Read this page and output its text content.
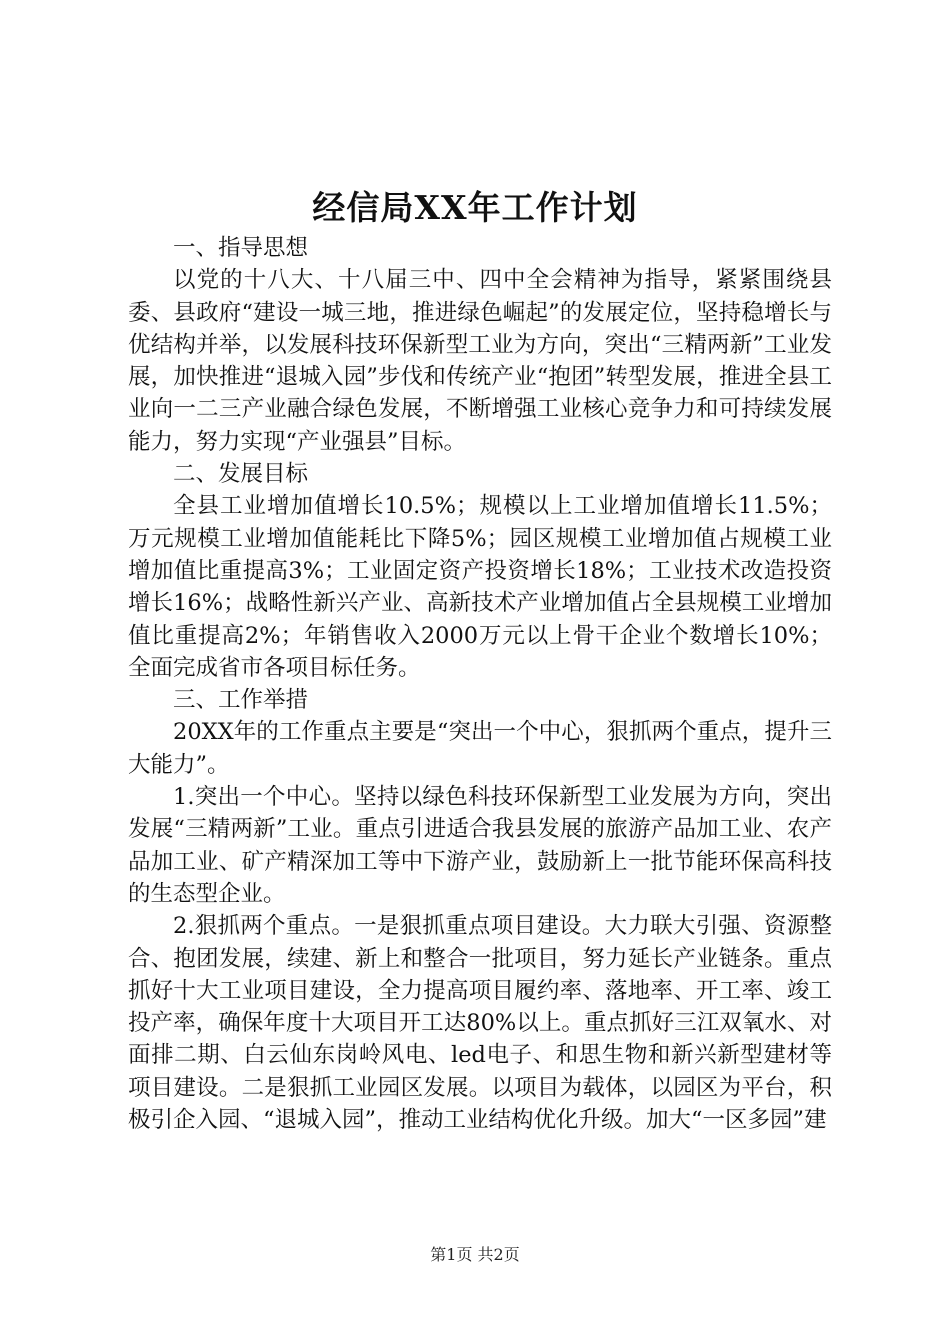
经信局XX年工作计划

一、指导思想

以党的十八大、十八届三中、四中全会精神为指导，紧紧围绕县委、县政府“建设一城三地，推进绿色崛起”的发展定位，坚持稳增长与优结构并举，以发展科技环保新型工业为方向，突出“三精两新”工业发展，加快推进“退城入园”步伐和传统产业“抱团”转型发展，推进全县工业向一二三产业融合绿色发展，不断增强工业核心竞争力和可持续发展能力，努力实现“产业强县”目标。

二、发展目标

全县工业增加值增长10.5%；规模以上工业增加值增长11.5%；万元规模工业增加值能耗比下降5%；园区规模工业增加值占规模工业增加值比重提高3%；工业固定资产投资增长18%；工业技术改造投资增长16%；战略性新兴产业、高新技术产业增加值占全县规模工业增加值比重提高2%；年销售收入2000万元以上骨干企业个数增长10%；全面完成省市各项目标任务。

三、工作举措

20XX年的工作重点主要是“突出一个中心，狠抓两个重点，提升三大能力”。

1.突出一个中心。坚持以绿色科技环保新型工业发展为方向，突出发展“三精两新”工业。重点引进适合我县发展的旅游产品加工业、农产品加工业、矿产精深加工等中下游产业，鼓励新上一批节能环保高科技的生态型企业。

2.狠抓两个重点。一是狠抓重点项目建设。大力联大引强、资源整合、抱团发展，续建、新上和整合一批项目，努力延长产业链条。重点抓好十大工业项目建设，全力提高项目履约率、落地率、开工率、竣工投产率，确保年度十大项目开工达80%以上。重点抓好三江双氧水、对面排二期、白云仙东岗岭风电、led电子、和思生物和新兴新型建材等项目建设。二是狠抓工业园区发展。以项目为载体，以园区为平台，积极引企入园、“退城入园”，推动工业结构优化升级。加大“一区多园”建

第1页 共2页
